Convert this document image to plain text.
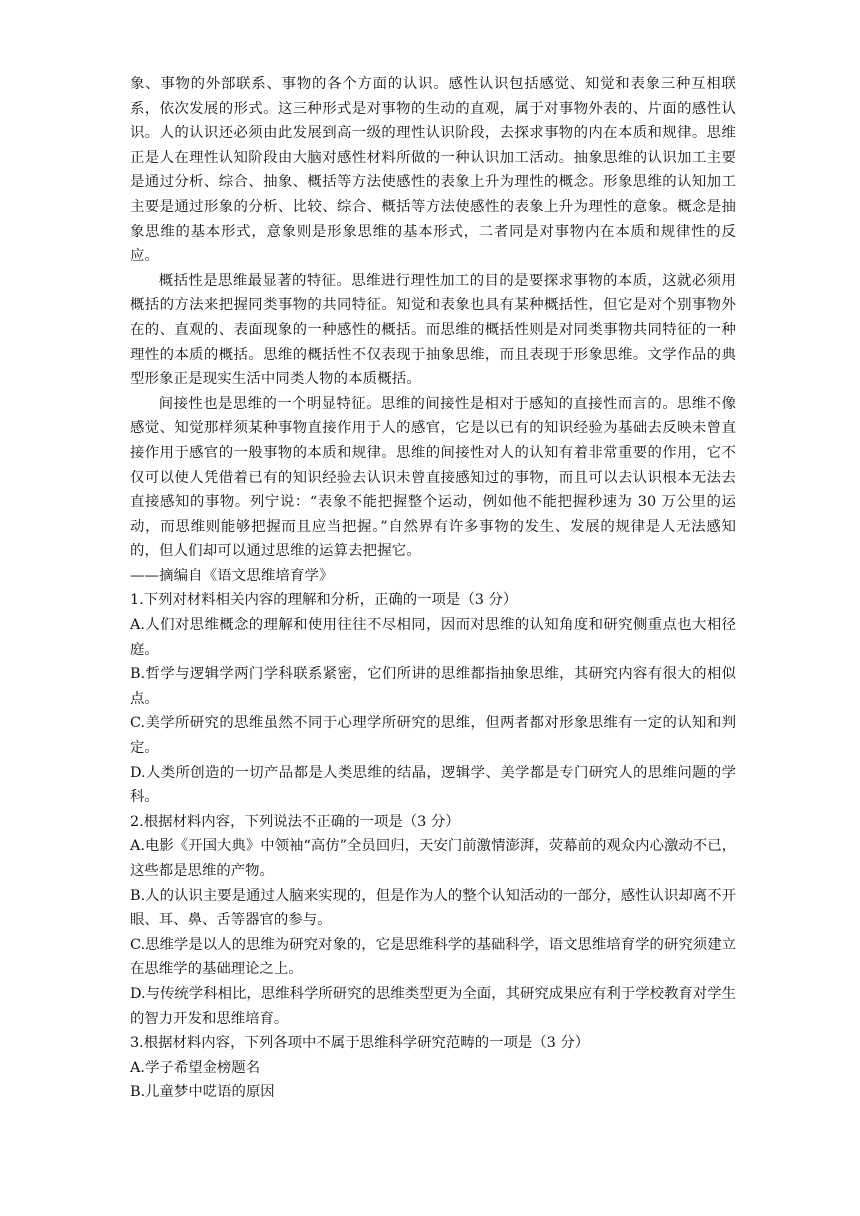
象、事物的外部联系、事物的各个方面的认识。感性认识包括感觉、知觉和表象三种互相联系，依次发展的形式。这三种形式是对事物的生动的直观，属于对事物外表的、片面的感性认识。人的认识还必须由此发展到高一级的理性认识阶段，去探求事物的内在本质和规律。思维正是人在理性认知阶段由大脑对感性材料所做的一种认识加工活动。抽象思维的认识加工主要是通过分析、综合、抽象、概括等方法使感性的表象上升为理性的概念。形象思维的认知加工主要是通过形象的分析、比较、综合、概括等方法使感性的表象上升为理性的意象。概念是抽象思维的基本形式，意象则是形象思维的基本形式，二者同是对事物内在本质和规律性的反应。

概括性是思维最显著的特征。思维进行理性加工的目的是要探求事物的本质，这就必须用概括的方法来把握同类事物的共同特征。知觉和表象也具有某种概括性，但它是对个别事物外在的、直观的、表面现象的一种感性的概括。而思维的概括性则是对同类事物共同特征的一种理性的本质的概括。思维的概括性不仅表现于抽象思维，而且表现于形象思维。文学作品的典型形象正是现实生活中同类人物的本质概括。

间接性也是思维的一个明显特征。思维的间接性是相对于感知的直接性而言的。思维不像感觉、知觉那样须某种事物直接作用于人的感官，它是以已有的知识经验为基础去反映未曾直接作用于感官的一般事物的本质和规律。思维的间接性对人的认知有着非常重要的作用，它不仅可以使人凭借着已有的知识经验去认识未曾直接感知过的事物，而且可以去认识根本无法去直接感知的事物。列宁说：“表象不能把握整个运动，例如他不能把握秒速为 30 万公里的运动，而思维则能够把握而且应当把握。”自然界有许多事物的发生、发展的规律是人无法感知的，但人们却可以通过思维的运算去把握它。

——摘编自《语文思维培育学》

1.下列对材料相关内容的理解和分析，正确的一项是（3 分）

A.人们对思维概念的理解和使用往往不尽相同，因而对思维的认知角度和研究侧重点也大相径庭。

B.哲学与逻辑学两门学科联系紧密，它们所讲的思维都指抽象思维，其研究内容有很大的相似点。

C.美学所研究的思维虽然不同于心理学所研究的思维，但两者都对形象思维有一定的认知和判定。

D.人类所创造的一切产品都是人类思维的结晶，逻辑学、美学都是专门研究人的思维问题的学科。

2.根据材料内容，下列说法不正确的一项是（3 分）

A.电影《开国大典》中领袖“高仿”全员回归，天安门前激情澎湃，荧幕前的观众内心激动不已，这些都是思维的产物。

B.人的认识主要是通过人脑来实现的，但是作为人的整个认知活动的一部分，感性认识却离不开眼、耳、鼻、舌等器官的参与。

C.思维学是以人的思维为研究对象的，它是思维科学的基础科学，语文思维培育学的研究须建立在思维学的基础理论之上。

D.与传统学科相比，思维科学所研究的思维类型更为全面，其研究成果应有利于学校教育对学生的智力开发和思维培育。

3.根据材料内容，下列各项中不属于思维科学研究范畴的一项是（3 分）

A.学子希望金榜题名

B.儿童梦中呓语的原因
